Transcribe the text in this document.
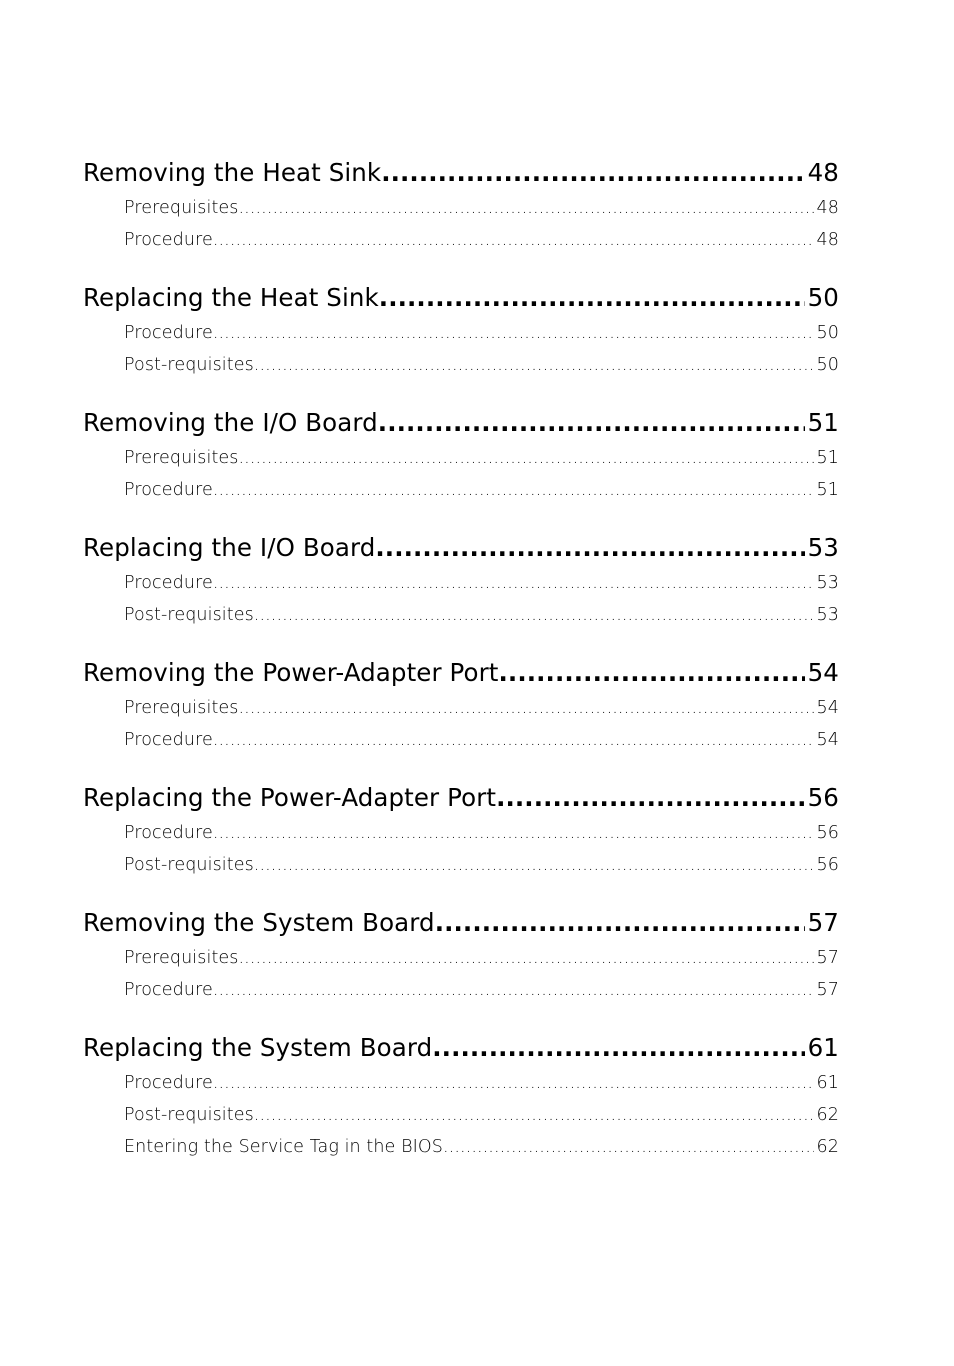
Removing the Heat Sink .....	48
Prerequisites .....	48
Procedure .....	48
Replacing the Heat Sink .....	50
Procedure .....	50
Post-requisites .....	50
Removing the I/O Board .....	51
Prerequisites .....	51
Procedure .....	51
Replacing the I/O Board .....	53
Procedure .....	53
Post-requisites .....	53
Removing the Power-Adapter Port .....	54
Prerequisites .....	54
Procedure .....	54
Replacing the Power-Adapter Port .....	56
Procedure .....	56
Post-requisites .....	56
Removing the System Board .....	57
Prerequisites .....	57
Procedure .....	57
Replacing the System Board .....	61
Procedure .....	61
Post-requisites .....	62
Entering the Service Tag in the BIOS .....	62
